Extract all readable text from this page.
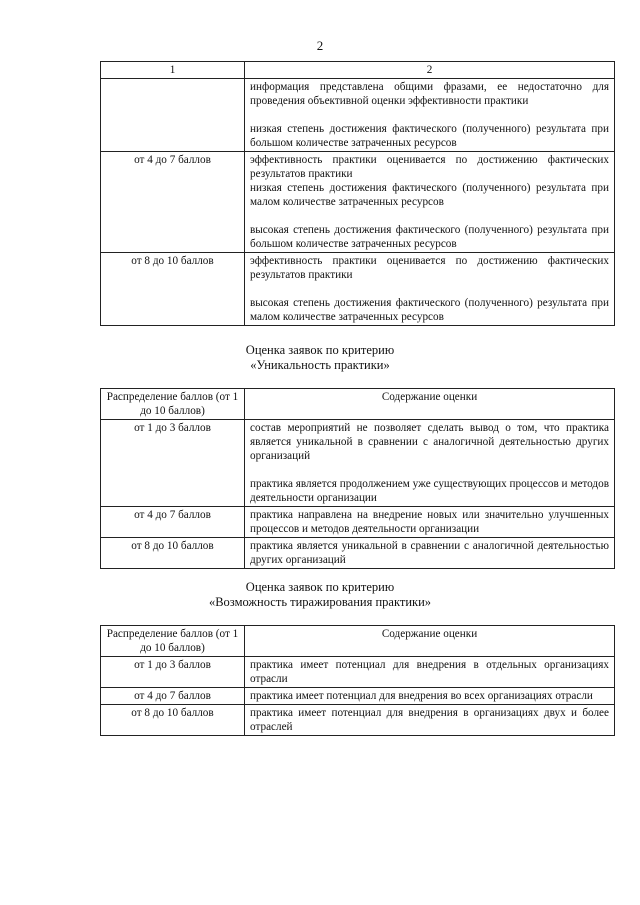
2
1	2

	информация представлена общими фразами, ее недостаточно для проведения объективной оценки эффективности практики
низкая степень достижения фактического (полученного) результата при большом количестве затраченных ресурсов

от 4 до 7 баллов	эффективность практики оценивается по достижению фактических результатов практики
низкая степень достижения фактического (полученного) результата при малом количестве затраченных ресурсов
высокая степень достижения фактического (полученного) результата при большом количестве затраченных ресурсов

от 8 до 10 баллов	эффективность практики оценивается по достижению фактических результатов практики
высокая степень достижения фактического (полученного) результата при малом количестве затраченных ресурсов
Оценка заявок по критерию
«Уникальность практики»
Распределение баллов (от 1 до 10 баллов)	Содержание оценки
от 1 до 3 баллов	состав мероприятий не позволяет сделать вывод о том, что практика является уникальной в сравнении с аналогичной деятельностью других организаций
практика является продолжением уже существующих процессов и методов деятельности организации

от 4 до 7 баллов	практика направлена на внедрение новых или значительно улучшенных процессов и методов деятельности организации

от 8 до 10 баллов	практика является уникальной в сравнении с аналогичной деятельностью других организаций
Оценка заявок по критерию
«Возможность тиражирования практики»
Распределение баллов (от 1 до 10 баллов)	Содержание оценки
от 1 до 3 баллов	практика имеет потенциал для внедрения в отдельных организациях отрасли

от 4 до 7 баллов	практика имеет потенциал для внедрения во всех организациях отрасли

от 8 до 10 баллов	практика имеет потенциал для внедрения в организациях двух и более отраслей
